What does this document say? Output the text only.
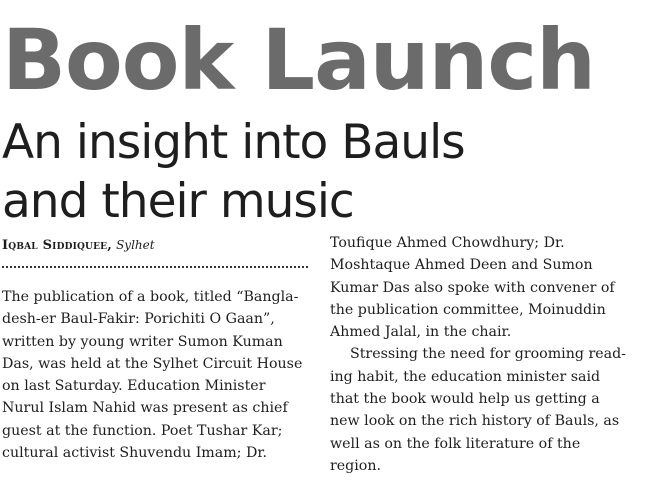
Book Launch
An insight into Bauls
and their music
Iqbal Siddiquee, Sylhet

The publication of a book, titled “Bangla-
desh-er Baul-Fakir: Porichiti O Gaan”,
written by young writer Sumon Kuman
Das, was held at the Sylhet Circuit House
on last Saturday. Education Minister
Nurul Islam Nahid was present as chief
guest at the function. Poet Tushar Kar;
cultural activist Shuvendu Imam; Dr.

Toufique Ahmed Chowdhury; Dr.
Moshtaque Ahmed Deen and Sumon
Kumar Das also spoke with convener of
the publication committee, Moinuddin
Ahmed Jalal, in the chair.
Stressing the need for grooming read-
ing habit, the education minister said
that the book would help us getting a
new look on the rich history of Bauls, as
well as on the folk literature of the
region.
